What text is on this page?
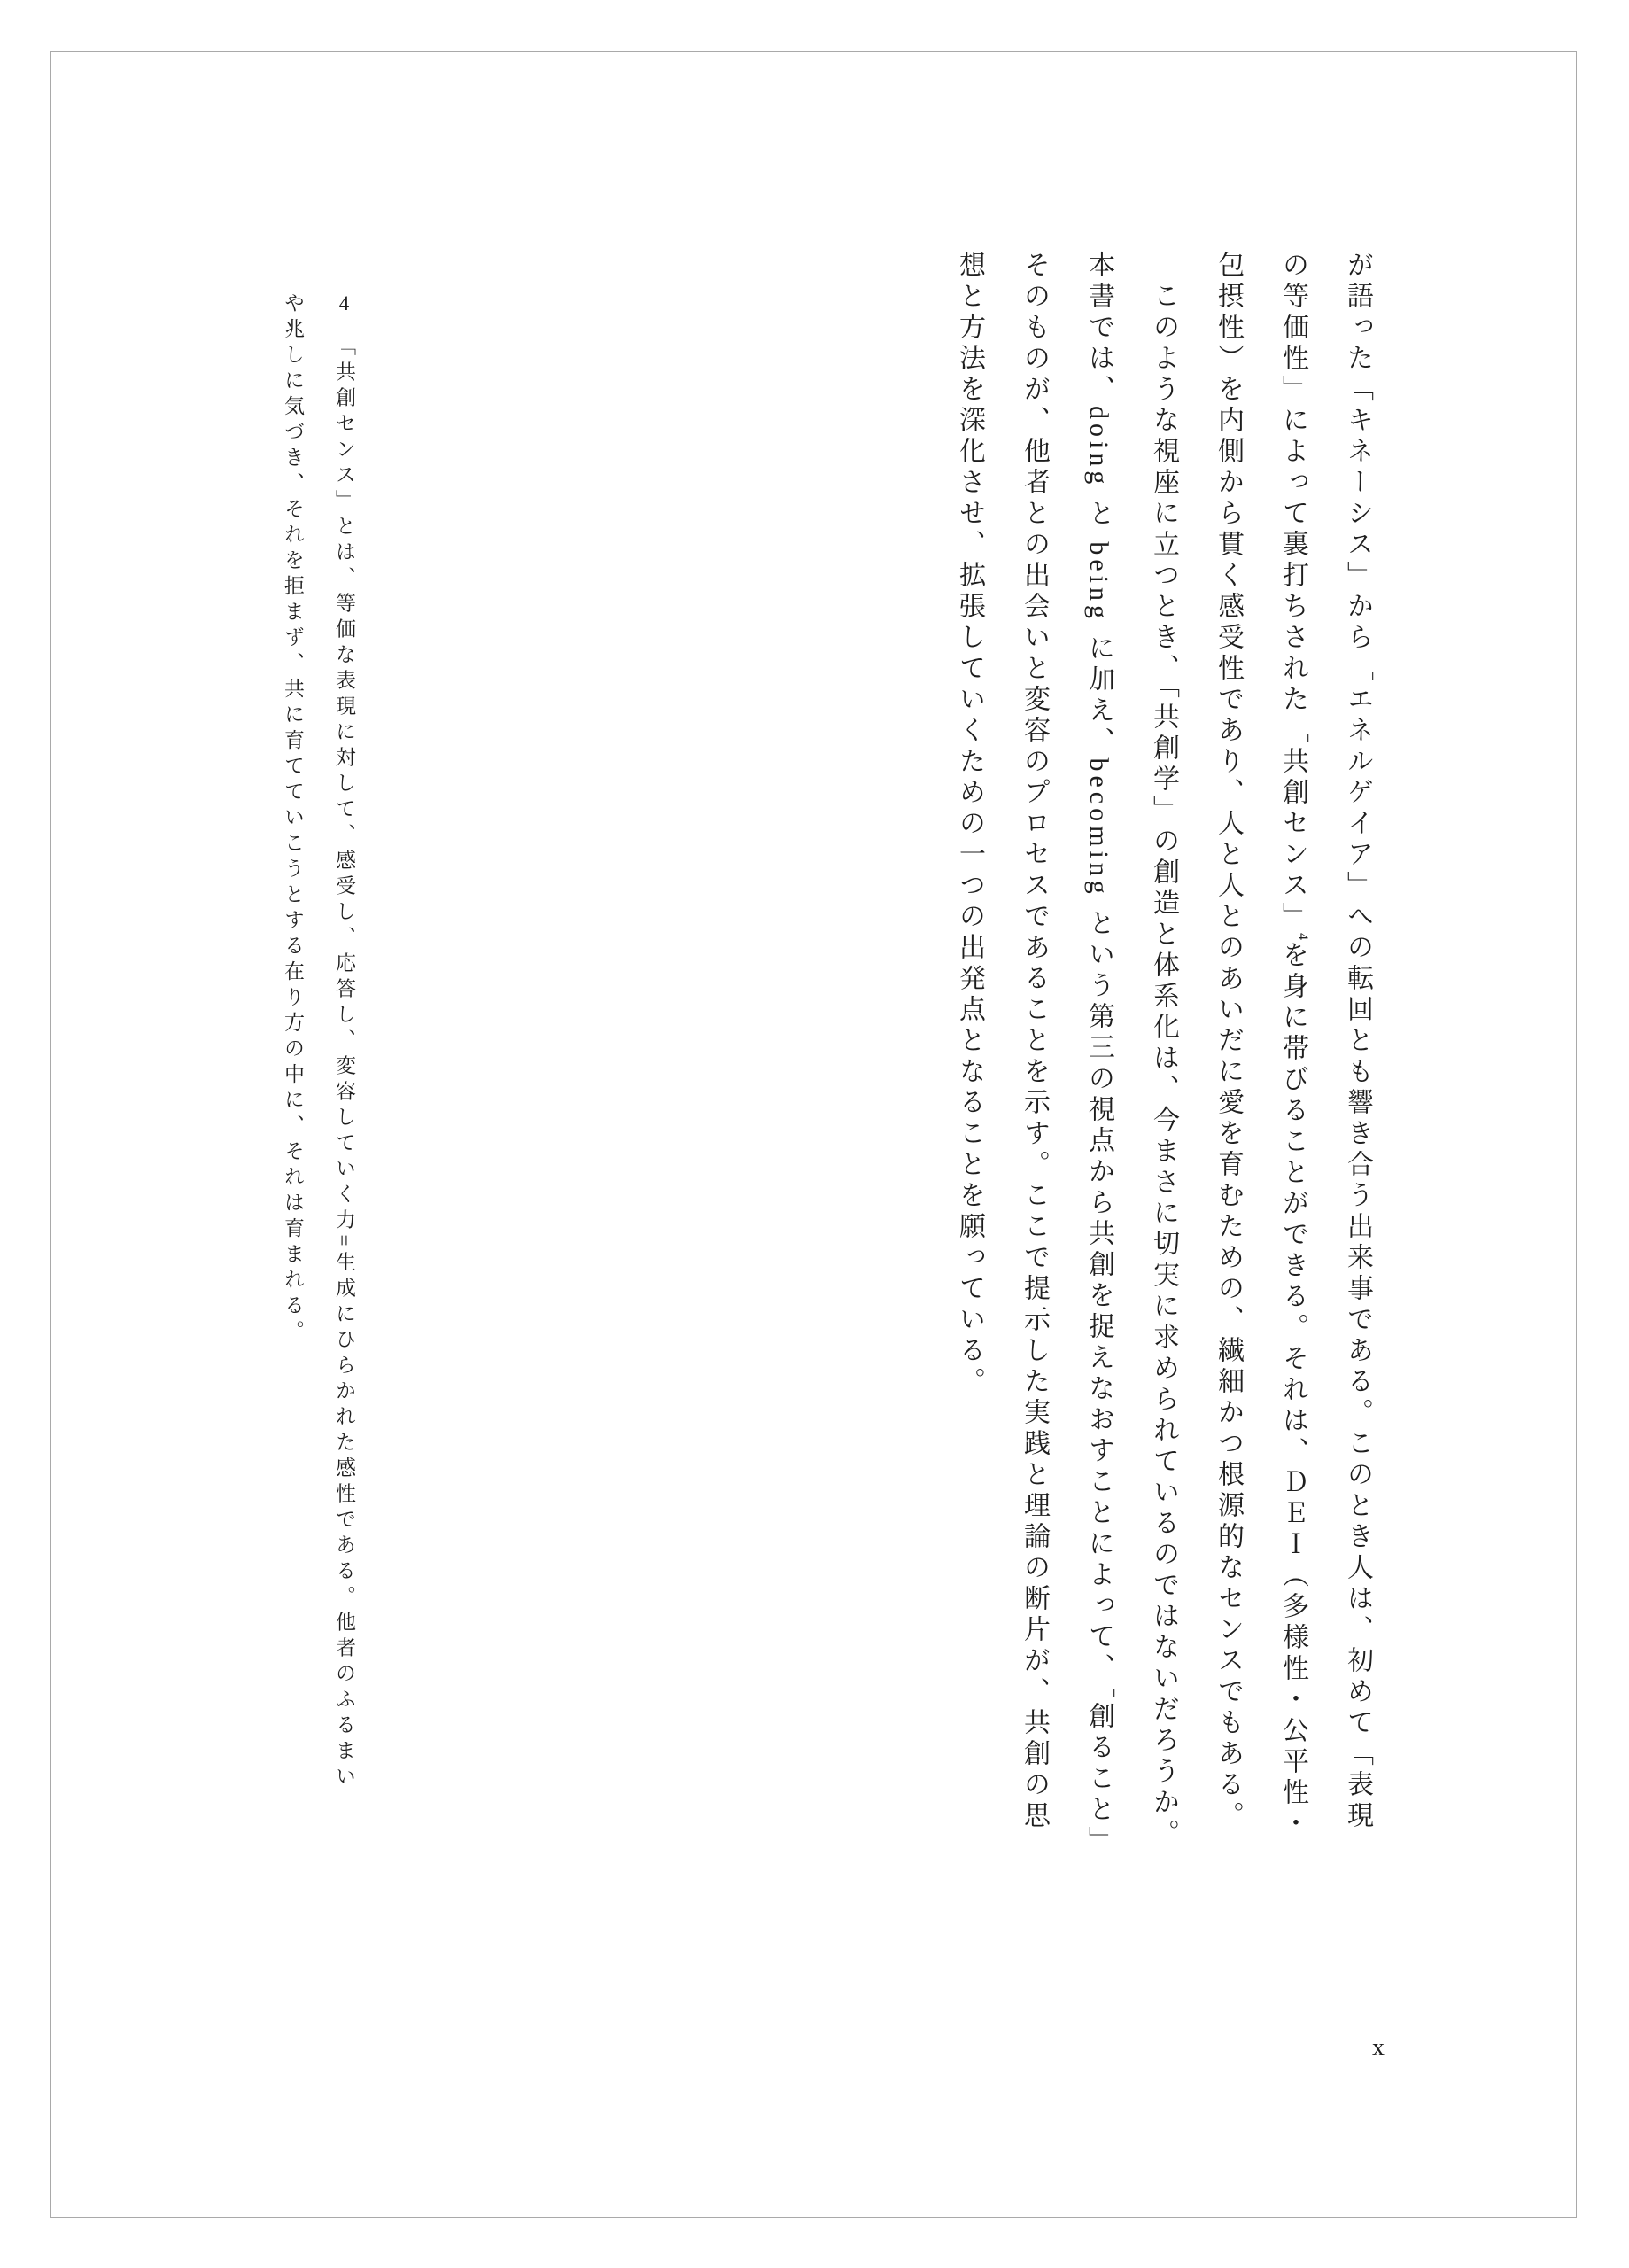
が語った「キネーシス」から「エネルゲイア」への転回とも響き合う出来事である。このとき人は、初めて「表現
の等価性」によって裏打ちされた「共創センス」$^4$を身に帯びることができる。それは、ＤＥＩ（多様性・公平性・
包摂性）を内側から貫く感受性であり、人と人とのあいだに愛を育むための、繊細かつ根源的なセンスでもある。
　このような視座に立つとき、「共創学」の創造と体系化は、今まさに切実に求められているのではないだろうか。
本書では、doing と being に加え、becoming という第三の視点から共創を捉えなおすことによって、「創ること」
そのものが、他者との出会いと変容のプロセスであることを示す。ここで提示した実践と理論の断片が、共創の思
想と方法を深化させ、拡張していくための一つの出発点となることを願っている。
4　「共創センス」とは、等価な表現に対して、感受し、応答し、変容していく力=生成にひらかれた感性である。他者のふるまい
や兆しに気づき、それを拒まず、共に育てていこうとする在り方の中に、それは育まれる。
x
